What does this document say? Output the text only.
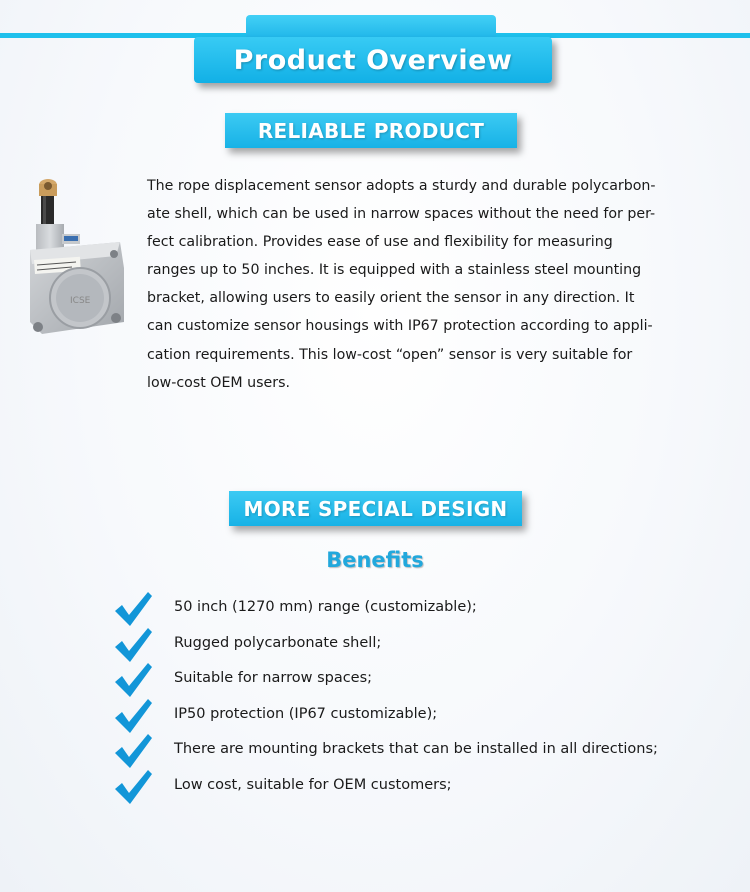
Product Overview
RELIABLE PRODUCT
ICSE
The rope displacement sensor adopts a sturdy and durable polycarbon-
ate shell, which can be used in narrow spaces without the need for per-
fect calibration. Provides ease of use and flexibility for measuring
ranges up to 50 inches. It is equipped with a stainless steel mounting
bracket, allowing users to easily orient the sensor in any direction. It
can customize sensor housings with IP67 protection according to appli-
cation requirements. This low-cost “open” sensor is very suitable for
low-cost OEM users.
MORE SPECIAL DESIGN
Benefits
50 inch (1270 mm) range (customizable);
Rugged polycarbonate shell;
Suitable for narrow spaces;
IP50 protection (IP67 customizable);
There are mounting brackets that can be installed in all directions;
Low cost, suitable for OEM customers;
